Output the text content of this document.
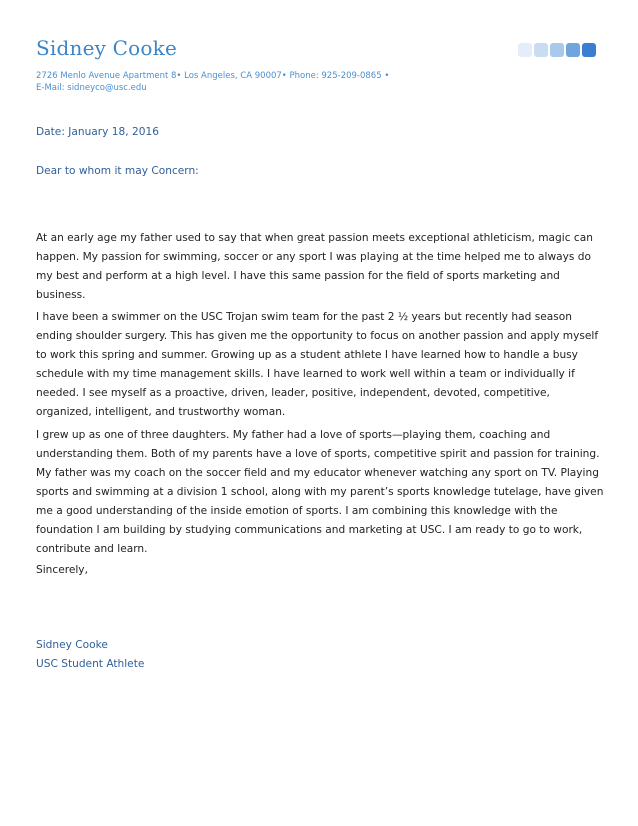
Sidney Cooke
2726 Menlo Avenue Apartment 8• Los Angeles, CA 90007• Phone: 925-209-0865 •
E-Mail: sidneyco@usc.edu
Date: January 18, 2016
Dear to whom it may Concern:
At an early age my father used to say that when great passion meets exceptional athleticism, magic can happen. My passion for swimming, soccer or any sport I was playing at the time helped me to always do my best and perform at a high level. I have this same passion for the field of sports marketing and business.
I have been a swimmer on the USC Trojan swim team for the past 2 ½ years but recently had season ending shoulder surgery. This has given me the opportunity to focus on another passion and apply myself to work this spring and summer. Growing up as a student athlete I have learned how to handle a busy schedule with my time management skills. I have learned to work well within a team or individually if needed. I see myself as a proactive, driven, leader, positive, independent, devoted, competitive, organized, intelligent, and trustworthy woman.
I grew up as one of three daughters. My father had a love of sports—playing them, coaching and understanding them. Both of my parents have a love of sports, competitive spirit and passion for training. My father was my coach on the soccer field and my educator whenever watching any sport on TV. Playing sports and swimming at a division 1 school, along with my parent’s sports knowledge tutelage, have given me a good understanding of the inside emotion of sports. I am combining this knowledge with the foundation I am building by studying communications and marketing at USC. I am ready to go to work, contribute and learn.
Sincerely,
Sidney Cooke
USC Student Athlete
